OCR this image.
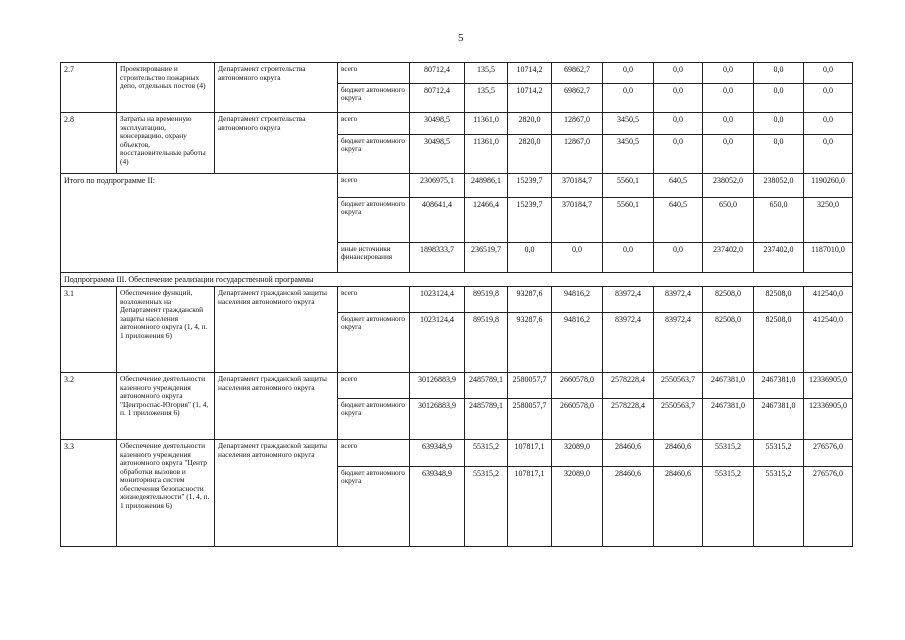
5
2.7	Проектирование и строительство пожарных депо, отдельных постов (4)	Департамент строительства автономного округа	всего	80712,4	135,5	10714,2	69862,7	0,0	0,0	0,0	0,0	0,0
			бюджет автономного округа	80712,4	135,5	10714,2	69862,7	0,0	0,0	0,0	0,0	0,0
2.8	Затраты на временную эксплуатацию, консервацию, охрану объектов, восстановительные работы (4)	Департамент строительства автономного округа	всего	30498,5	11361,0	2820,0	12867,0	3450,5	0,0	0,0	0,0	0,0
			бюджет автономного округа	30498,5	11361,0	2820,0	12867,0	3450,5	0,0	0,0	0,0	0,0
Итого по подпрограмме II:			всего	2306975,1	248986,1	15239,7	370184,7	5560,1	640,5	238052,0	238052,0	1190260,0
			бюджет автономного округа	408641,4	12466,4	15239,7	370184,7	5560,1	640,5	650,0	650,0	3250,0
			иные источники финансирования	1898333,7	236519,7	0,0	0,0	0,0	0,0	237402,0	237402,0	1187010,0
Подпрограмма III. Обеспечение реализации государственной программы												
3.1	Обеспечение функций, возложенных на Департамент гражданской защиты населения автономного округа (1, 4, п. 1 приложения 6)	Департамент гражданской защиты населения автономного округа	всего	1023124,4	89519,8	93287,6	94816,2	83972,4	83972,4	82508,0	82508,0	412540,0
			бюджет автономного округа	1023124,4	89519,8	93287,6	94816,2	83972,4	83972,4	82508,0	82508,0	412540,0
3.2	Обеспечение деятельности казенного учреждения автономного округа "Центроспас-Югория" (1, 4, п. 1 приложения 6)	Департамент гражданской защиты населения автономного округа	всего	30126883,9	2485789,1	2580057,7	2660578,0	2578228,4	2550563,7	2467381,0	2467381,0	12336905,0
			бюджет автономного округа	30126883,9	2485789,1	2580057,7	2660578,0	2578228,4	2550563,7	2467381,0	2467381,0	12336905,0
3.3	Обеспечение деятельности казенного учреждения автономного округа "Центр обработки вызовов и мониторинга систем обеспечения безопасности жизнедеятельности" (1, 4, п. 1 приложения 6)	Департамент гражданской защиты населения автономного округа	всего	639348,9	55315,2	107817,1	32089,0	28460,6	28460,6	55315,2	55315,2	276576,0
			бюджет автономного округа	639348,9	55315,2	107817,1	32089,0	28460,6	28460,6	55315,2	55315,2	276576,0
